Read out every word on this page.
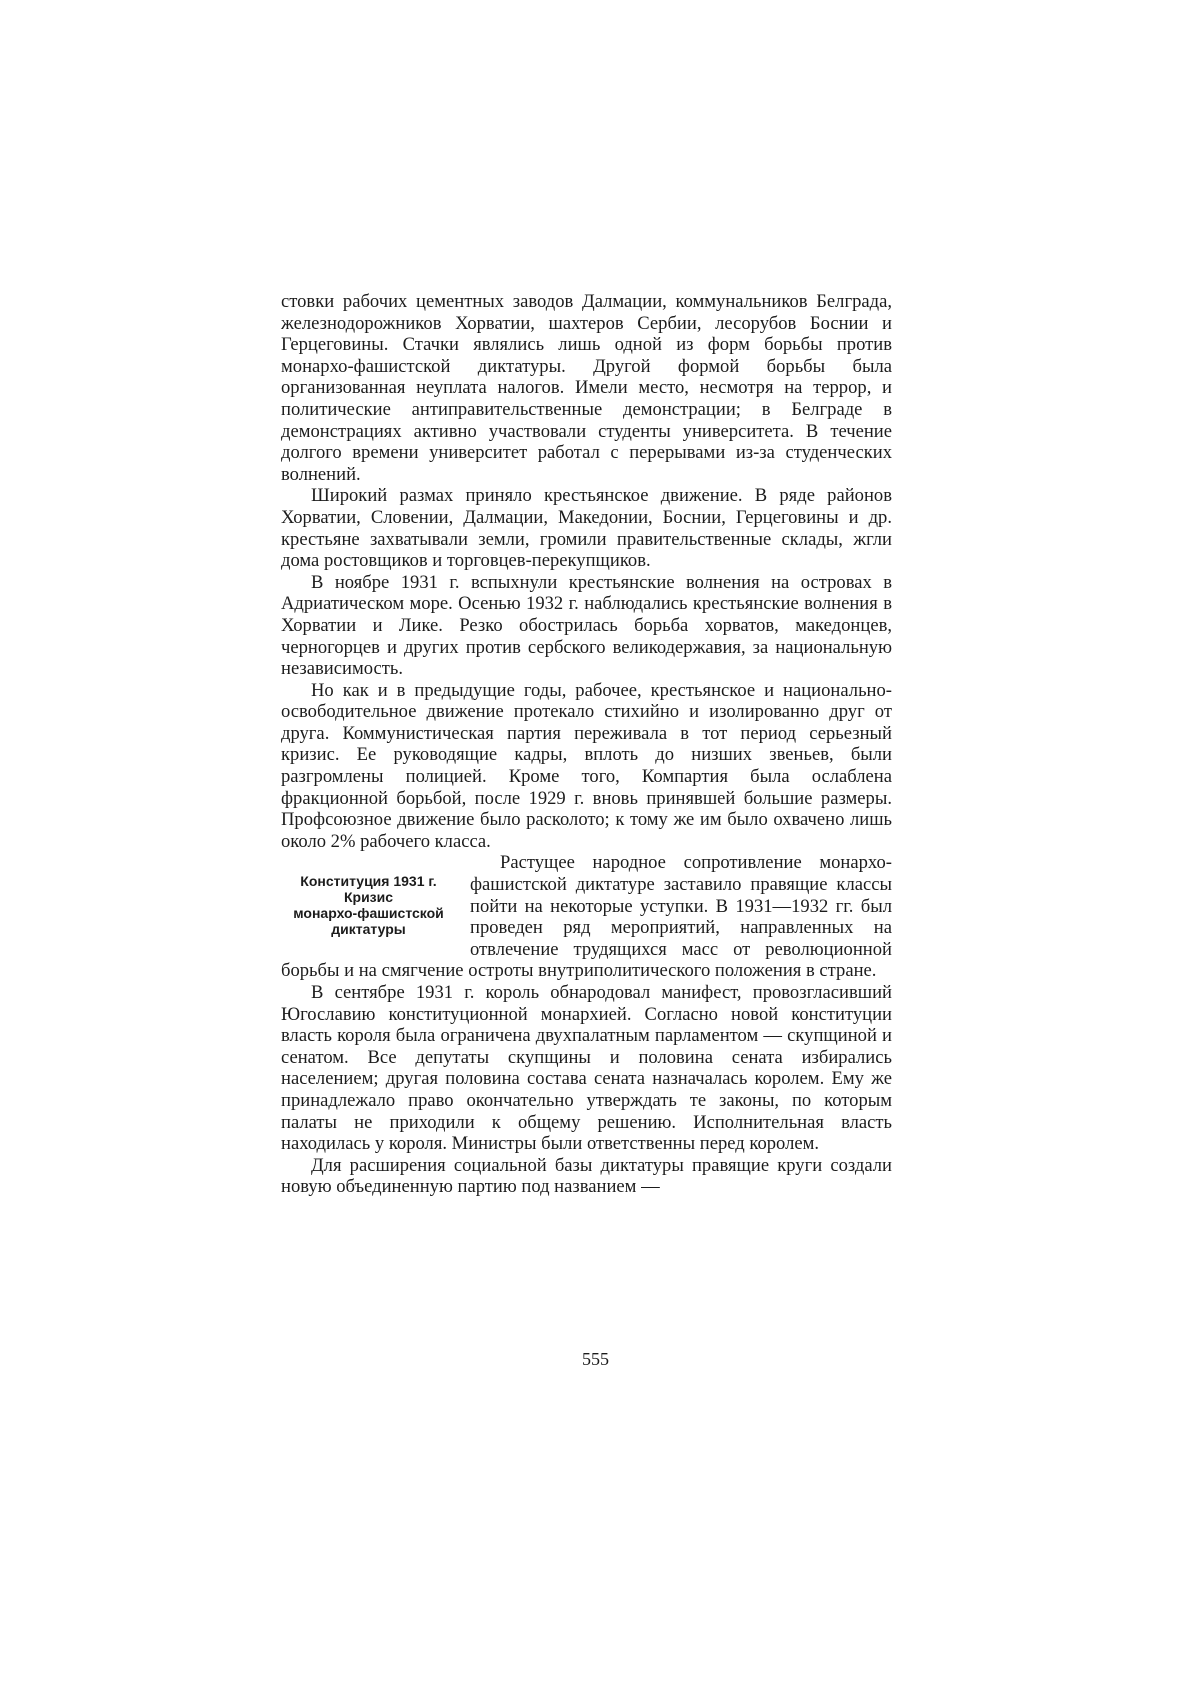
стовки рабочих цементных заводов Далмации, коммунальников Белграда, железнодорожников Хорватии, шахтеров Сербии, лесорубов Боснии и Герцеговины. Стачки являлись лишь одной из форм борьбы против монархо-фашистской диктатуры. Другой формой борьбы была организованная неуплата налогов. Имели место, несмотря на террор, и политические антиправительственные демонстрации; в Белграде в демонстрациях активно участвовали студенты университета. В течение долгого времени университет работал с перерывами из-за студенческих волнений.

Широкий размах приняло крестьянское движение. В ряде районов Хорватии, Словении, Далмации, Македонии, Боснии, Герцеговины и др. крестьяне захватывали земли, громили правительственные склады, жгли дома ростовщиков и торговцев-перекупщиков.

В ноябре 1931 г. вспыхнули крестьянские волнения на островах в Адриатическом море. Осенью 1932 г. наблюдались крестьянские волнения в Хорватии и Лике. Резко обострилась борьба хорватов, македонцев, черногорцев и других против сербского великодержавия, за национальную независимость.

Но как и в предыдущие годы, рабочее, крестьянское и национально-освободительное движение протекало стихийно и изолированно друг от друга. Коммунистическая партия переживала в тот период серьезный кризис. Ее руководящие кадры, вплоть до низших звеньев, были разгромлены полицией. Кроме того, Компартия была ослаблена фракционной борьбой, после 1929 г. вновь принявшей большие размеры. Профсоюзное движение было расколото; к тому же им было охвачено лишь около 2% рабочего класса.

Конституция 1931 г.
Кризис
монархо-фашистской
диктатуры

Растущее народное сопротивление монархо-фашистской диктатуре заставило правящие классы пойти на некоторые уступки. В 1931—1932 гг. был проведен ряд мероприятий, направленных на отвлечение трудящихся масс от революционной борьбы и на смягчение остроты внутриполитического положения в стране.

В сентябре 1931 г. король обнародовал манифест, провозгласивший Югославию конституционной монархией. Согласно новой конституции власть короля была ограничена двухпалатным парламентом — скупщиной и сенатом. Все депутаты скупщины и половина сената избирались населением; другая половина состава сената назначалась королем. Ему же принадлежало право окончательно утверждать те законы, по которым палаты не приходили к общему решению. Исполнительная власть находилась у короля. Министры были ответственны перед королем.

Для расширения социальной базы диктатуры правящие круги создали новую объединенную партию под названием —

555
